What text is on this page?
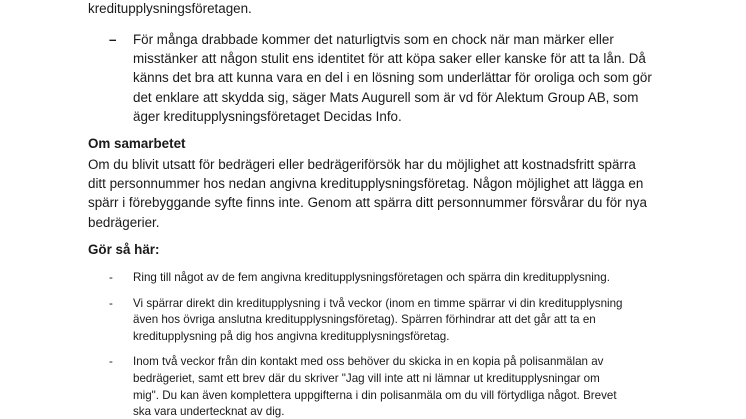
kreditupplysningsföretagen.
– För många drabbade kommer det naturligtvis som en chock när man märker eller
misstänker att någon stulit ens identitet för att köpa saker eller kanske för att ta lån. Då
känns det bra att kunna vara en del i en lösning som underlättar för oroliga och som gör
det enklare att skydda sig, säger Mats Augurell som är vd för Alektum Group AB, som
äger kreditupplysningsföretaget Decidas Info.
Om samarbetet
Om du blivit utsatt för bedrägeri eller bedrägeriförsök har du möjlighet att kostnadsfritt spärra
ditt personnummer hos nedan angivna kreditupplysningsföretag. Någon möjlighet att lägga en
spärr i förebyggande syfte finns inte. Genom att spärra ditt personnummer försvårar du för nya
bedrägerier.
Gör så här:
- Ring till något av de fem angivna kreditupplysningsföretagen och spärra din kreditupplysning.
- Vi spärrar direkt din kreditupplysning i två veckor (inom en timme spärrar vi din kreditupplysning
även hos övriga anslutna kreditupplysningsföretag). Spärren förhindrar att det går att ta en
kreditupplysning på dig hos angivna kreditupplysningsföretag.
- Inom två veckor från din kontakt med oss behöver du skicka in en kopia på polisanmälan av
bedrägeriet, samt ett brev där du skriver "Jag vill inte att ni lämnar ut kreditupplysningar om
mig". Du kan även komplettera uppgifterna i din polisanmäla om du vill förtydliga något. Brevet
ska vara undertecknat av dig.
